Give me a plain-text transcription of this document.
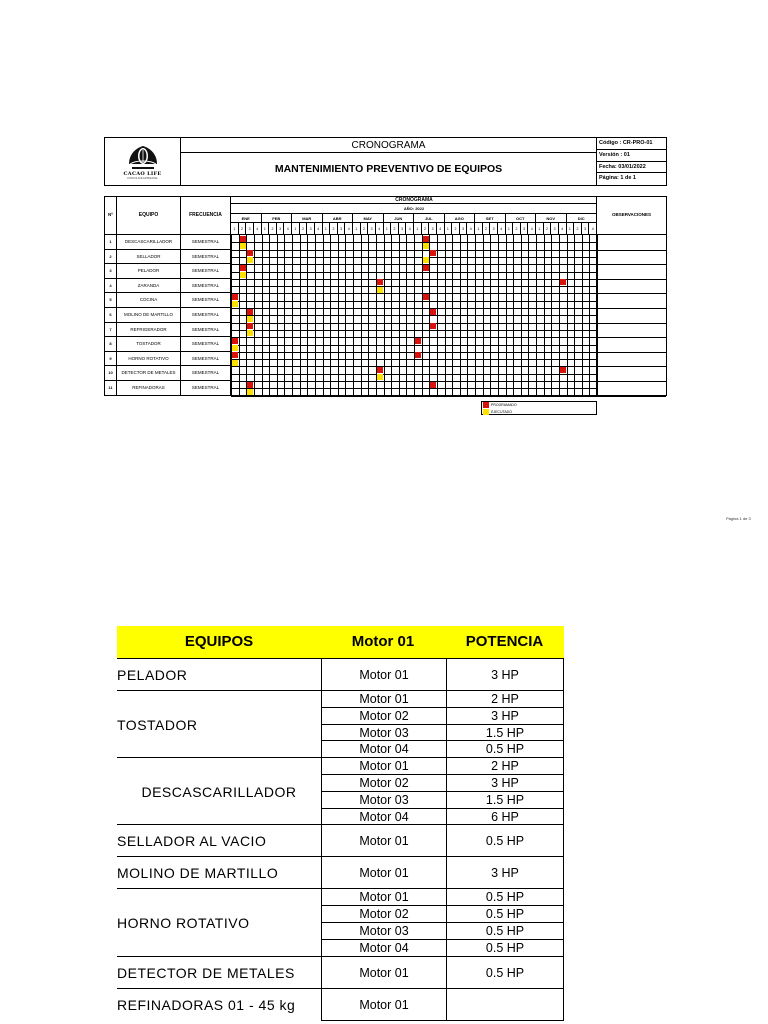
CACAO LIFE
CHOCOLATE ARTESANAL
CRONOGRAMA
MANTENIMIENTO PREVENTIVO DE EQUIPOS
Código : CR-PRO-01
Versión : 01
Fecha: 03/01/2022
Página: 1 de 1
Nº	EQUIPO	FRECUENCIA
CRONOGRAMA
AÑO: 2022
ENE
1	2	3	4
FEB
1	2	3	4
MAR
1	2	3	4
ABR
1	2	3	4
MAY
1	2	3	4
JUN
1	2	3	4
JUL
1	2	3	4
AGO
1	2	3	4
SET
1	2	3	4
OCT
1	2	3	4
NOV
1	2	3	4
DIC
1	2	3	4
1	DESCASCARILLADOR	SEMESTRAL
2	SELLADOR	SEMESTRAL
3	PELADOR	SEMESTRAL
4	ZARANDA	SEMESTRAL
5	COCINA	SEMESTRAL
6	MOLINO DE MARTILLO	SEMESTRAL
7	REFRIGERADOR	SEMESTRAL
8	TOSTADOR	SEMESTRAL
9	HORNO ROTATIVO	SEMESTRAL
10	DETECTOR DE METALES	SEMESTRAL
11	REFINADORAS	SEMESTRAL
OBSERVACIONES
PROGRAMADO
EJECUTADO
Página 1 de 3
EQUIPOS	Motor 01	POTENCIA
PELADOR	Motor 01	3 HP
TOSTADOR
Motor 01	2 HP
Motor 02	3 HP
Motor 03	1.5 HP
Motor 04	0.5 HP
DESCASCARILLADOR
Motor 01	2 HP
Motor 02	3 HP
Motor 03	1.5 HP
Motor 04	6 HP
SELLADOR AL VACIO	Motor 01	0.5 HP
MOLINO DE MARTILLO	Motor 01	3 HP
HORNO ROTATIVO
Motor 01	0.5 HP
Motor 02	0.5 HP
Motor 03	0.5 HP
Motor 04	0.5 HP
DETECTOR DE METALES	Motor 01	0.5 HP
REFINADORAS 01 - 45 kg	Motor 01
